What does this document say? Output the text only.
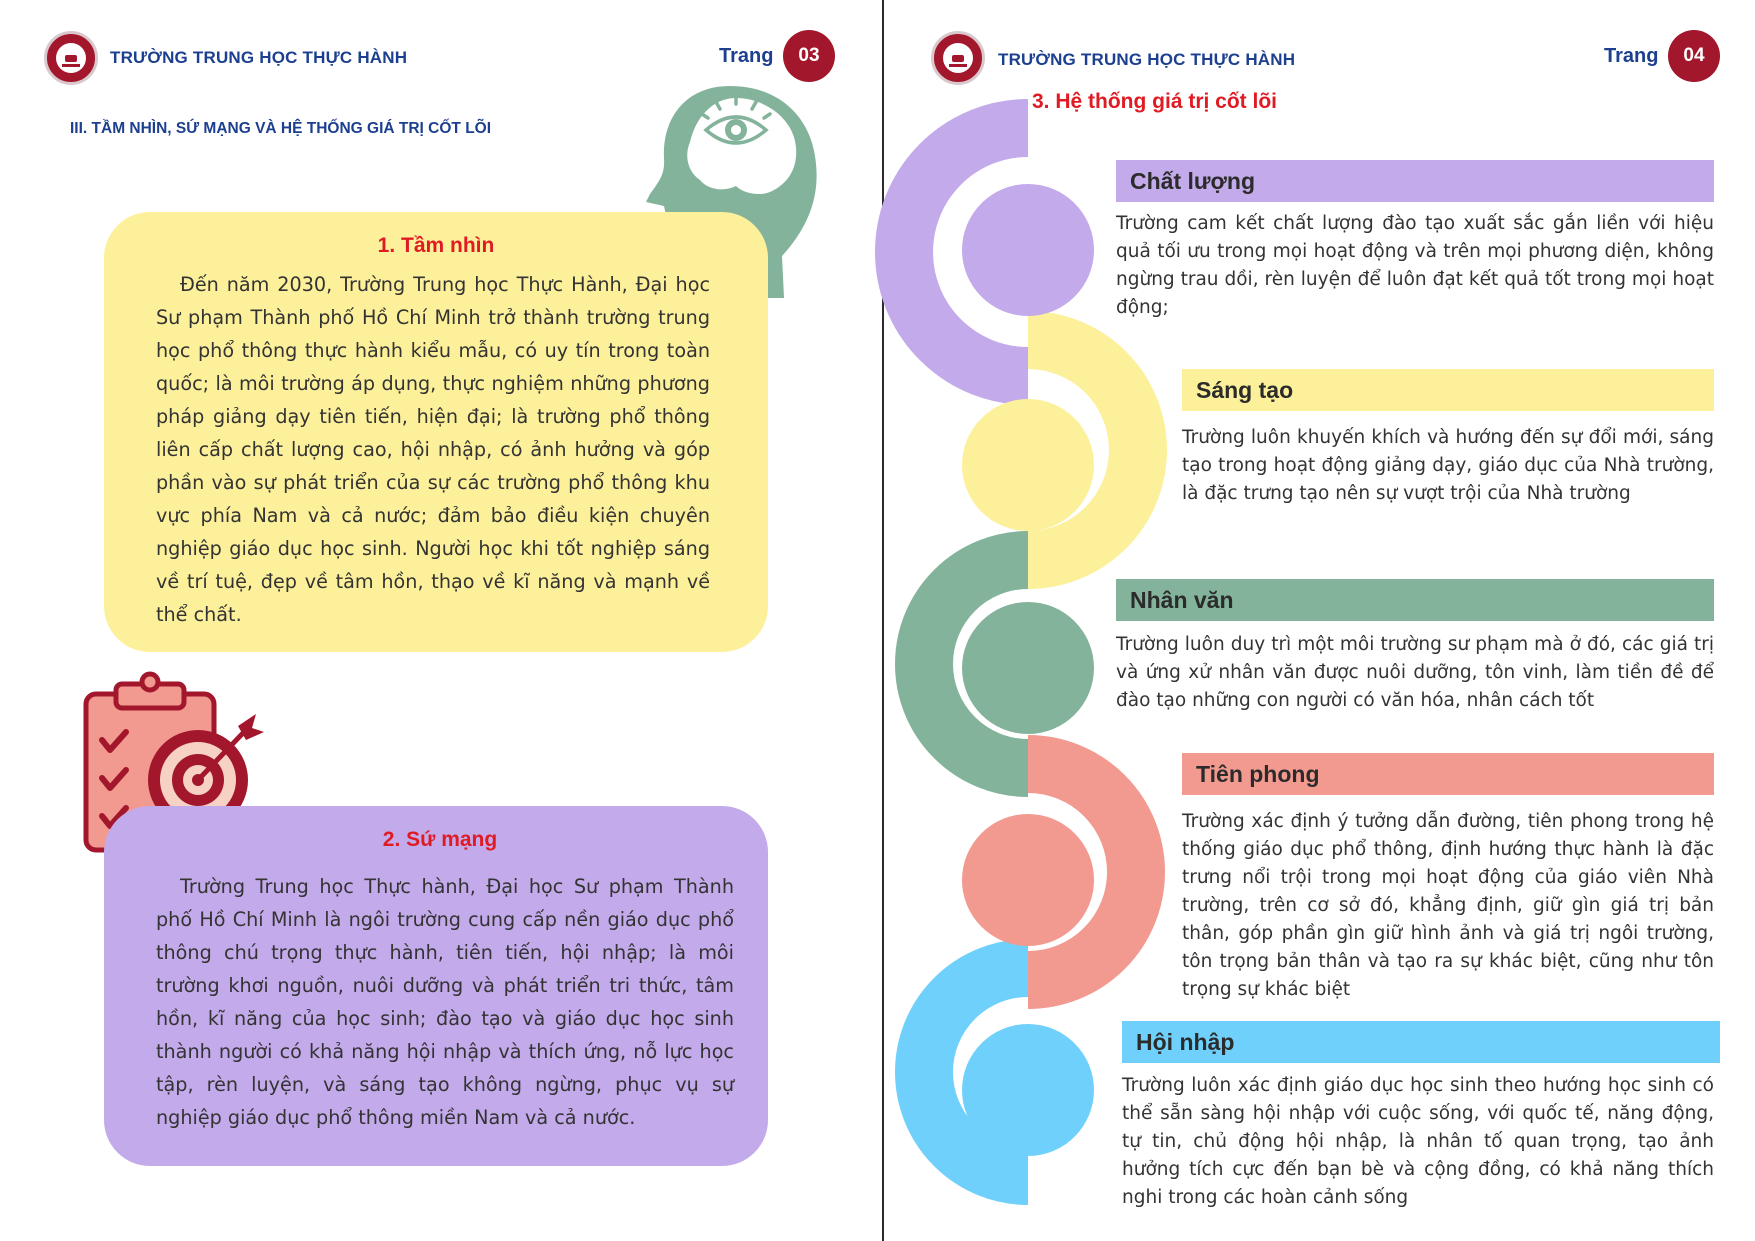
TRƯỜNG TRUNG HỌC THỰC HÀNH	Trang	03
III. TẦM NHÌN, SỨ MẠNG VÀ HỆ THỐNG GIÁ TRỊ CỐT LÕI
1. Tầm nhìn
Đến năm 2030, Trường Trung học Thực Hành, Đại học Sư phạm Thành phố Hồ Chí Minh trở thành trường trung học phổ thông thực hành kiểu mẫu, có uy tín trong toàn quốc; là môi trường áp dụng, thực nghiệm những phương pháp giảng dạy tiên tiến, hiện đại; là trường phổ thông liên cấp chất lượng cao, hội nhập, có ảnh hưởng và góp phần vào sự phát triển của sự các trường phổ thông khu vực phía Nam và cả nước; đảm bảo điều kiện chuyên nghiệp giáo dục học sinh. Người học khi tốt nghiệp sáng về trí tuệ, đẹp về tâm hồn, thạo về kĩ năng và mạnh về thể chất.
2. Sứ mạng
Trường Trung học Thực hành, Đại học Sư phạm Thành phố Hồ Chí Minh là ngôi trường cung cấp nền giáo dục phổ thông chú trọng thực hành, tiên tiến, hội nhập; là môi trường khơi nguồn, nuôi dưỡng và phát triển tri thức, tâm hồn, kĩ năng của học sinh; đào tạo và giáo dục học sinh thành người có khả năng hội nhập và thích ứng, nỗ lực học tập, rèn luyện, và sáng tạo không ngừng, phục vụ sự nghiệp giáo dục phổ thông miền Nam và cả nước.
TRƯỜNG TRUNG HỌC THỰC HÀNH	Trang	04
3. Hệ thống giá trị cốt lõi
Chất lượng
Trường cam kết chất lượng đào tạo xuất sắc gắn liền với hiệu quả tối ưu trong mọi hoạt động và trên mọi phương diện, không ngừng trau dồi, rèn luyện để luôn đạt kết quả tốt trong mọi hoạt động;
Sáng tạo
Trường luôn khuyến khích và hướng đến sự đổi mới, sáng tạo trong hoạt động giảng dạy, giáo dục của Nhà trường, là đặc trưng tạo nên sự vượt trội của Nhà trường
Nhân văn
Trường luôn duy trì một môi trường sư phạm mà ở đó, các giá trị và ứng xử nhân văn được nuôi dưỡng, tôn vinh, làm tiền đề để đào tạo những con người có văn hóa, nhân cách tốt
Tiên phong
Trường xác định ý tưởng dẫn đường, tiên phong trong hệ thống giáo dục phổ thông, định hướng thực hành là đặc trưng nổi trội trong mọi hoạt động của giáo viên Nhà trường, trên cơ sở đó, khẳng định, giữ gìn giá trị bản thân, góp phần gìn giữ hình ảnh và giá trị ngôi trường, tôn trọng bản thân và tạo ra sự khác biệt, cũng như tôn trọng sự khác biệt
Hội nhập
Trường luôn xác định giáo dục học sinh theo hướng học sinh có thể sẵn sàng hội nhập với cuộc sống, với quốc tế, năng động, tự tin, chủ động hội nhập, là nhân tố quan trọng, tạo ảnh hưởng tích cực đến bạn bè và cộng đồng, có khả năng thích nghi trong các hoàn cảnh sống
